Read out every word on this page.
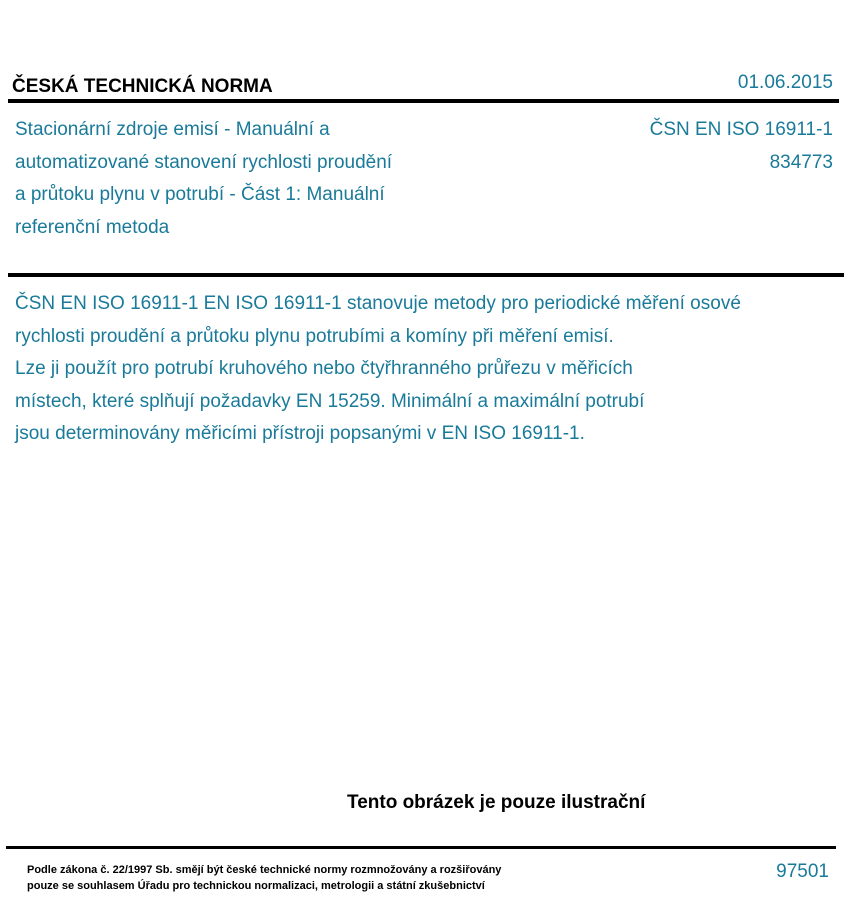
ČESKÁ TECHNICKÁ NORMA	01.06.2015
Stacionární zdroje emisí - Manuální a
automatizované stanovení rychlosti proudění
a průtoku plynu v potrubí - Část 1: Manuální
referenční metoda
ČSN EN ISO 16911-1
834773
ČSN EN ISO 16911-1 EN ISO 16911-1 stanovuje metody pro periodické měření osové
rychlosti proudění a průtoku plynu potrubími a komíny při měření emisí.
Lze ji použít pro potrubí kruhového nebo čtyřhranného průřezu v měřicích
místech, které splňují požadavky EN 15259. Minimální a maximální potrubí
jsou determinovány měřicími přístroji popsanými v EN ISO 16911-1.
Tento obrázek je pouze ilustrační
Podle zákona č. 22/1997 Sb. smějí být české technické normy rozmnožovány a rozšiřovány
pouze se souhlasem Úřadu pro technickou normalizaci, metrologii a státní zkušebnictví
97501
